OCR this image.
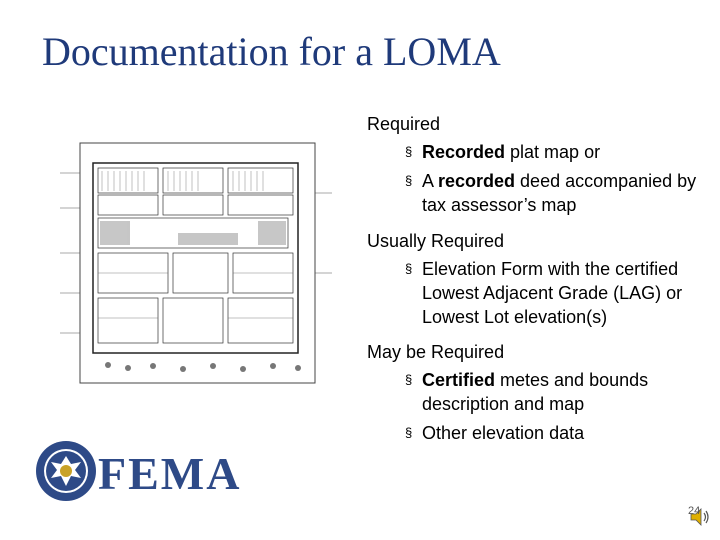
Documentation for a LOMA
Required
§ Recorded plat map or
§ A recorded deed accompanied by tax assessor’s map
Usually Required
§ Elevation Form with the certified Lowest Adjacent Grade (LAG) or Lowest Lot elevation(s)
May be Required
§ Certified metes and bounds description and map
§ Other elevation data
FEMA
24
